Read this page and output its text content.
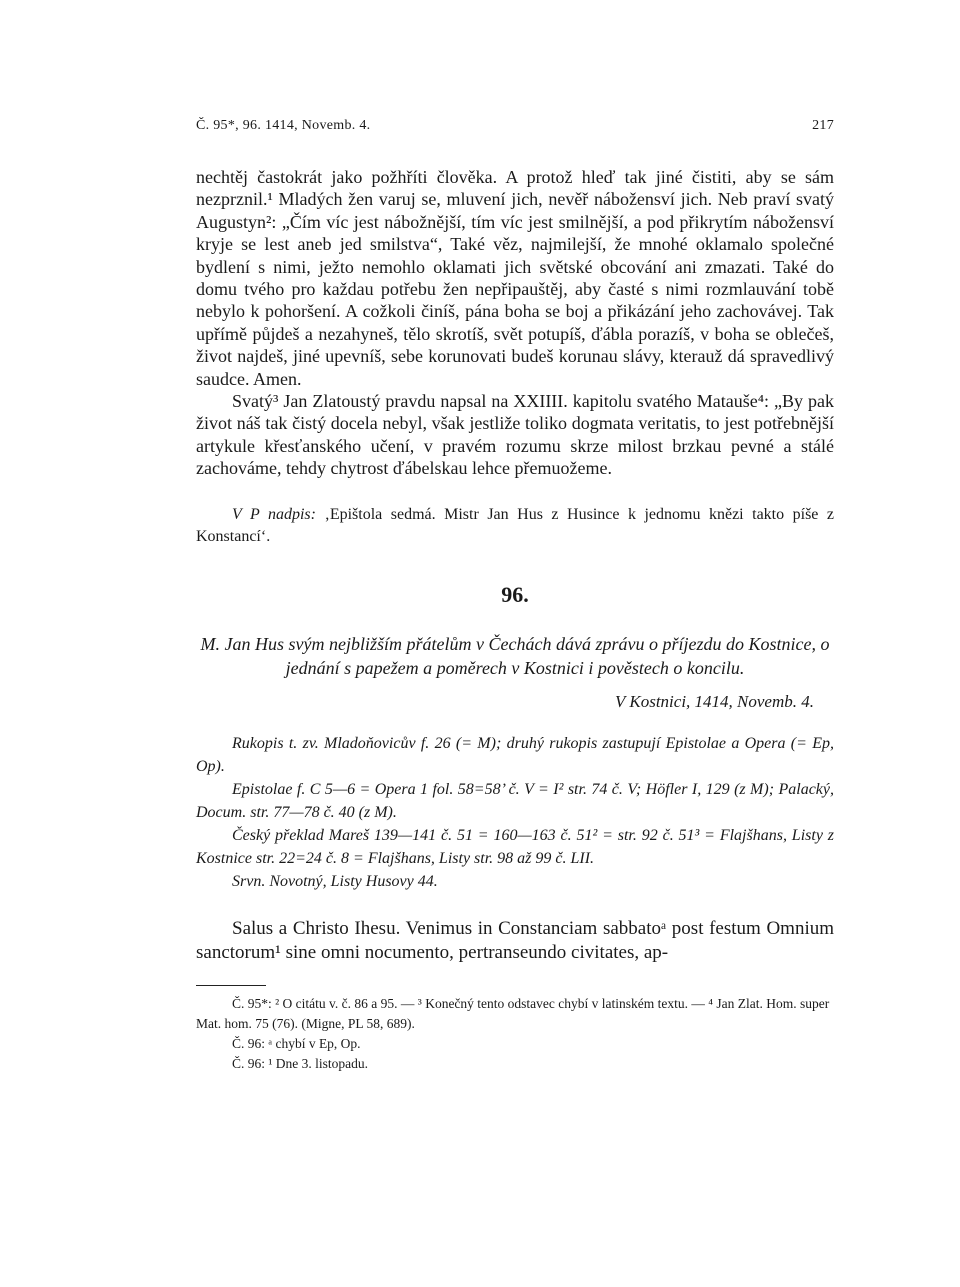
Č. 95*, 96. 1414, Novemb. 4.	217

nechtěj častokrát jako požhříti člověka. A protož hleď tak jiné čistiti, aby se sám nezprznil.¹ Mladých žen varuj se, mluvení jich, nevěř nábožensví jich. Neb praví svatý Augustyn²: „Čím víc jest nábožnější, tím víc jest smilnější, a pod přikrytím nábožensví kryje se lest aneb jed smilstva“, Také věz, najmilejší, že mnohé oklamalo společné bydlení s nimi, ježto nemohlo oklamati jich světské obcování ani zmazati. Také do domu tvého pro každau potřebu žen nepřipauštěj, aby časté s nimi rozmlauvání tobě nebylo k pohoršení. A cožkoli činíš, pána boha se boj a přikázání jeho zachovávej. Tak upřímě půjdeš a nezahyneš, tělo skrotíš, svět potupíš, ďábla porazíš, v boha se oblečeš, život najdeš, jiné upevníš, sebe korunovati budeš korunau slávy, kterauž dá spravedlivý saudce. Amen.

Svatý³ Jan Zlatoustý pravdu napsal na XXIIII. kapitolu svatého Matauše⁴: „By pak život náš tak čistý docela nebyl, však jestliže toliko dogmata veritatis, to jest potřebnější artykule křesťanského učení, v pravém rozumu skrze milost brzkau pevné a stálé zachováme, tehdy chytrost ďábelskau lehce přemuožeme.

V P nadpis: ‚Epištola sedmá. Mistr Jan Hus z Husince k jednomu knězi takto píše z Konstancí‘.
96.
M. Jan Hus svým nejbližším přátelům v Čechách dává zprávu o příjezdu do Kostnice, o jednání s papežem a poměrech v Kostnici i pověstech o koncilu.
V Kostnici, 1414, Novemb. 4.

Rukopis t. zv. Mladoňovicův f. 26 (= M); druhý rukopis zastupují Epistolae a Opera (= Ep, Op).

Epistolae f. C 5—6 = Opera 1 fol. 58=58’ č. V = I² str. 74 č. V; Höfler I, 129 (z M); Palacký, Docum. str. 77—78 č. 40 (z M).

Český překlad Mareš 139—141 č. 51 = 160—163 č. 51² = str. 92 č. 51³ = Flajšhans, Listy z Kostnice str. 22=24 č. 8 = Flajšhans, Listy str. 98 až 99 č. LII.

Srvn. Novotný, Listy Husovy 44.

Salus a Christo Ihesu. Venimus in Constanciam sabbatoᵃ post festum Omnium sanctorum¹ sine omni nocumento, pertranseundo civitates, ap-

Č. 95*: ² O citátu v. č. 86 a 95. — ³ Konečný tento odstavec chybí v latinském textu. — ⁴ Jan Zlat. Hom. super Mat. hom. 75 (76). (Migne, PL 58, 689).

Č. 96: ᵃ chybí v Ep, Op.

Č. 96: ¹ Dne 3. listopadu.
